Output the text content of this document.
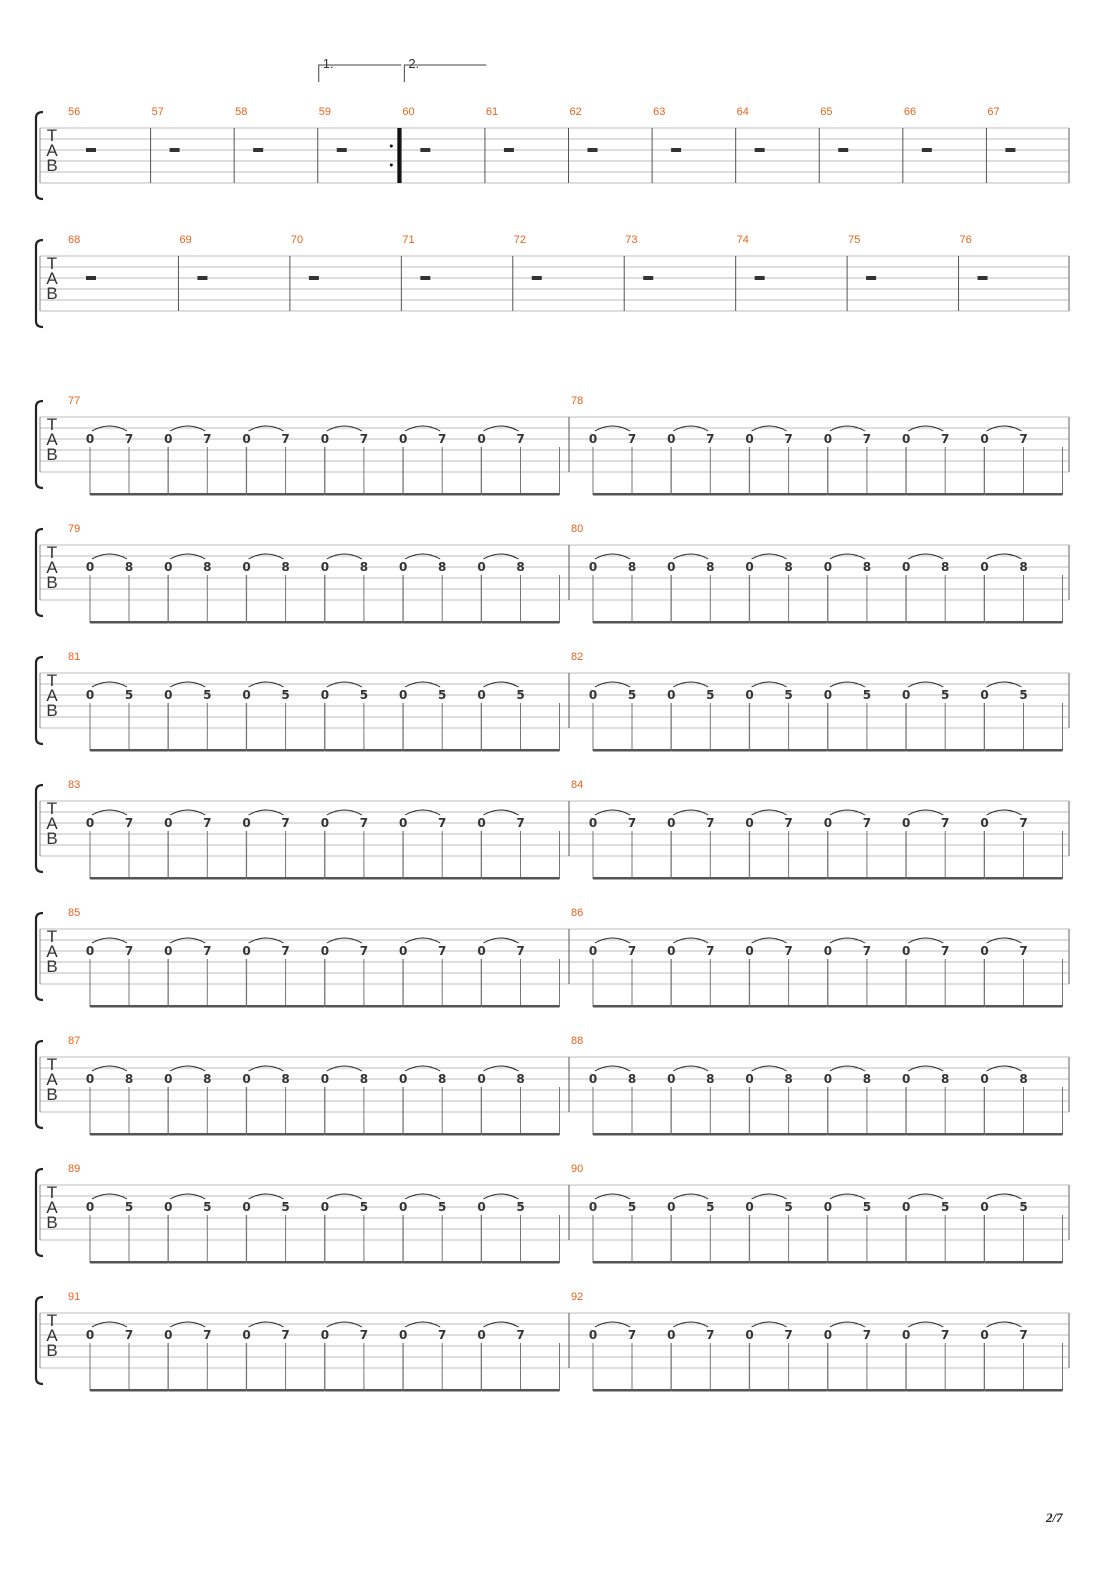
T
A
B
56	57	58	59
1.	2.
60	61	62	63	64	65	66	67
T
A
B
68	69	70	71	72	73	74	75	76
T
A
B
77
0	7	0	7	0	7	0	7	0	7	0	7
78
0	7	0	7	0	7	0	7	0	7	0	7
T
A
B
79
0	8	0	8	0	8	0	8	0	8	0	8
80
0	8	0	8	0	8	0	8	0	8	0	8
T
A
B
81
0	5	0	5	0	5	0	5	0	5	0	5
82
0	5	0	5	0	5	0	5	0	5	0	5
T
A
B
83
0	7	0	7	0	7	0	7	0	7	0	7
84
0	7	0	7	0	7	0	7	0	7	0	7
T
A
B
85
0	7	0	7	0	7	0	7	0	7	0	7
86
0	7	0	7	0	7	0	7	0	7	0	7
T
A
B
87
0	8	0	8	0	8	0	8	0	8	0	8
88
0	8	0	8	0	8	0	8	0	8	0	8
T
A
B
89
0	5	0	5	0	5	0	5	0	5	0	5
90
0	5	0	5	0	5	0	5	0	5	0	5
T
A
B
91
0	7	0	7	0	7	0	7	0	7	0	7
92
0	7	0	7	0	7	0	7	0	7	0	7
2/7
